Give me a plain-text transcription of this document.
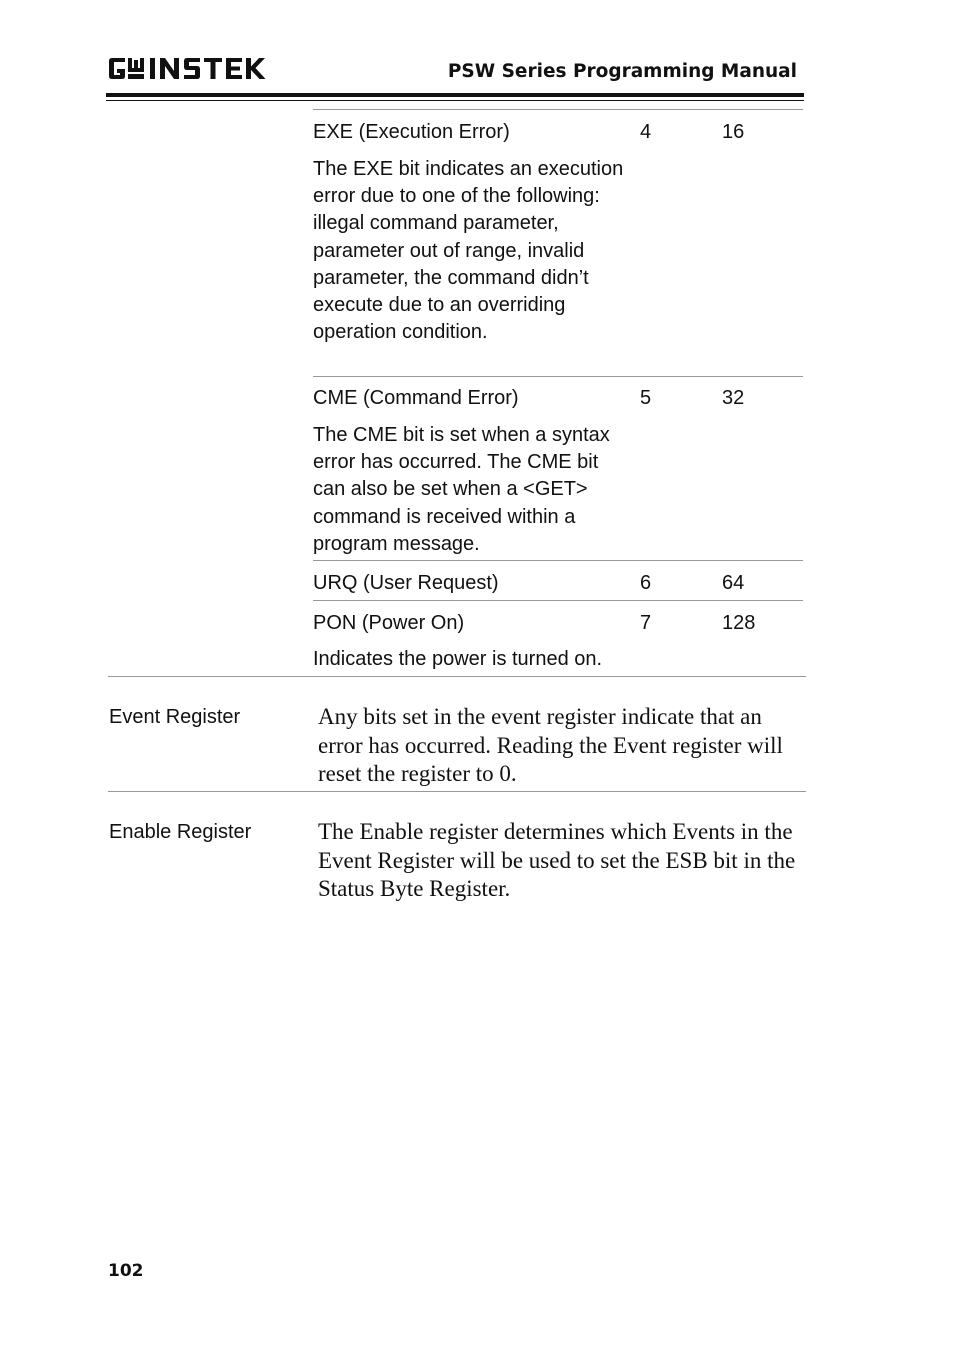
PSW Series Programming Manual
EXE (Execution Error)	4	16
The EXE bit indicates an execution error due to one of the following: illegal command parameter, parameter out of range, invalid parameter, the command didn’t execute due to an overriding operation condition.
CME (Command Error)	5	32
The CME bit is set when a syntax error has occurred. The CME bit can also be set when a <GET> command is received within a program message.
URQ (User Request)	6	64
PON (Power On)	7	128
Indicates the power is turned on.
Event Register	Any bits set in the event register indicate that an error has occurred. Reading the Event register will reset the register to 0.
Enable Register	The Enable register determines which Events in the Event Register will be used to set the ESB bit in the Status Byte Register.
102
